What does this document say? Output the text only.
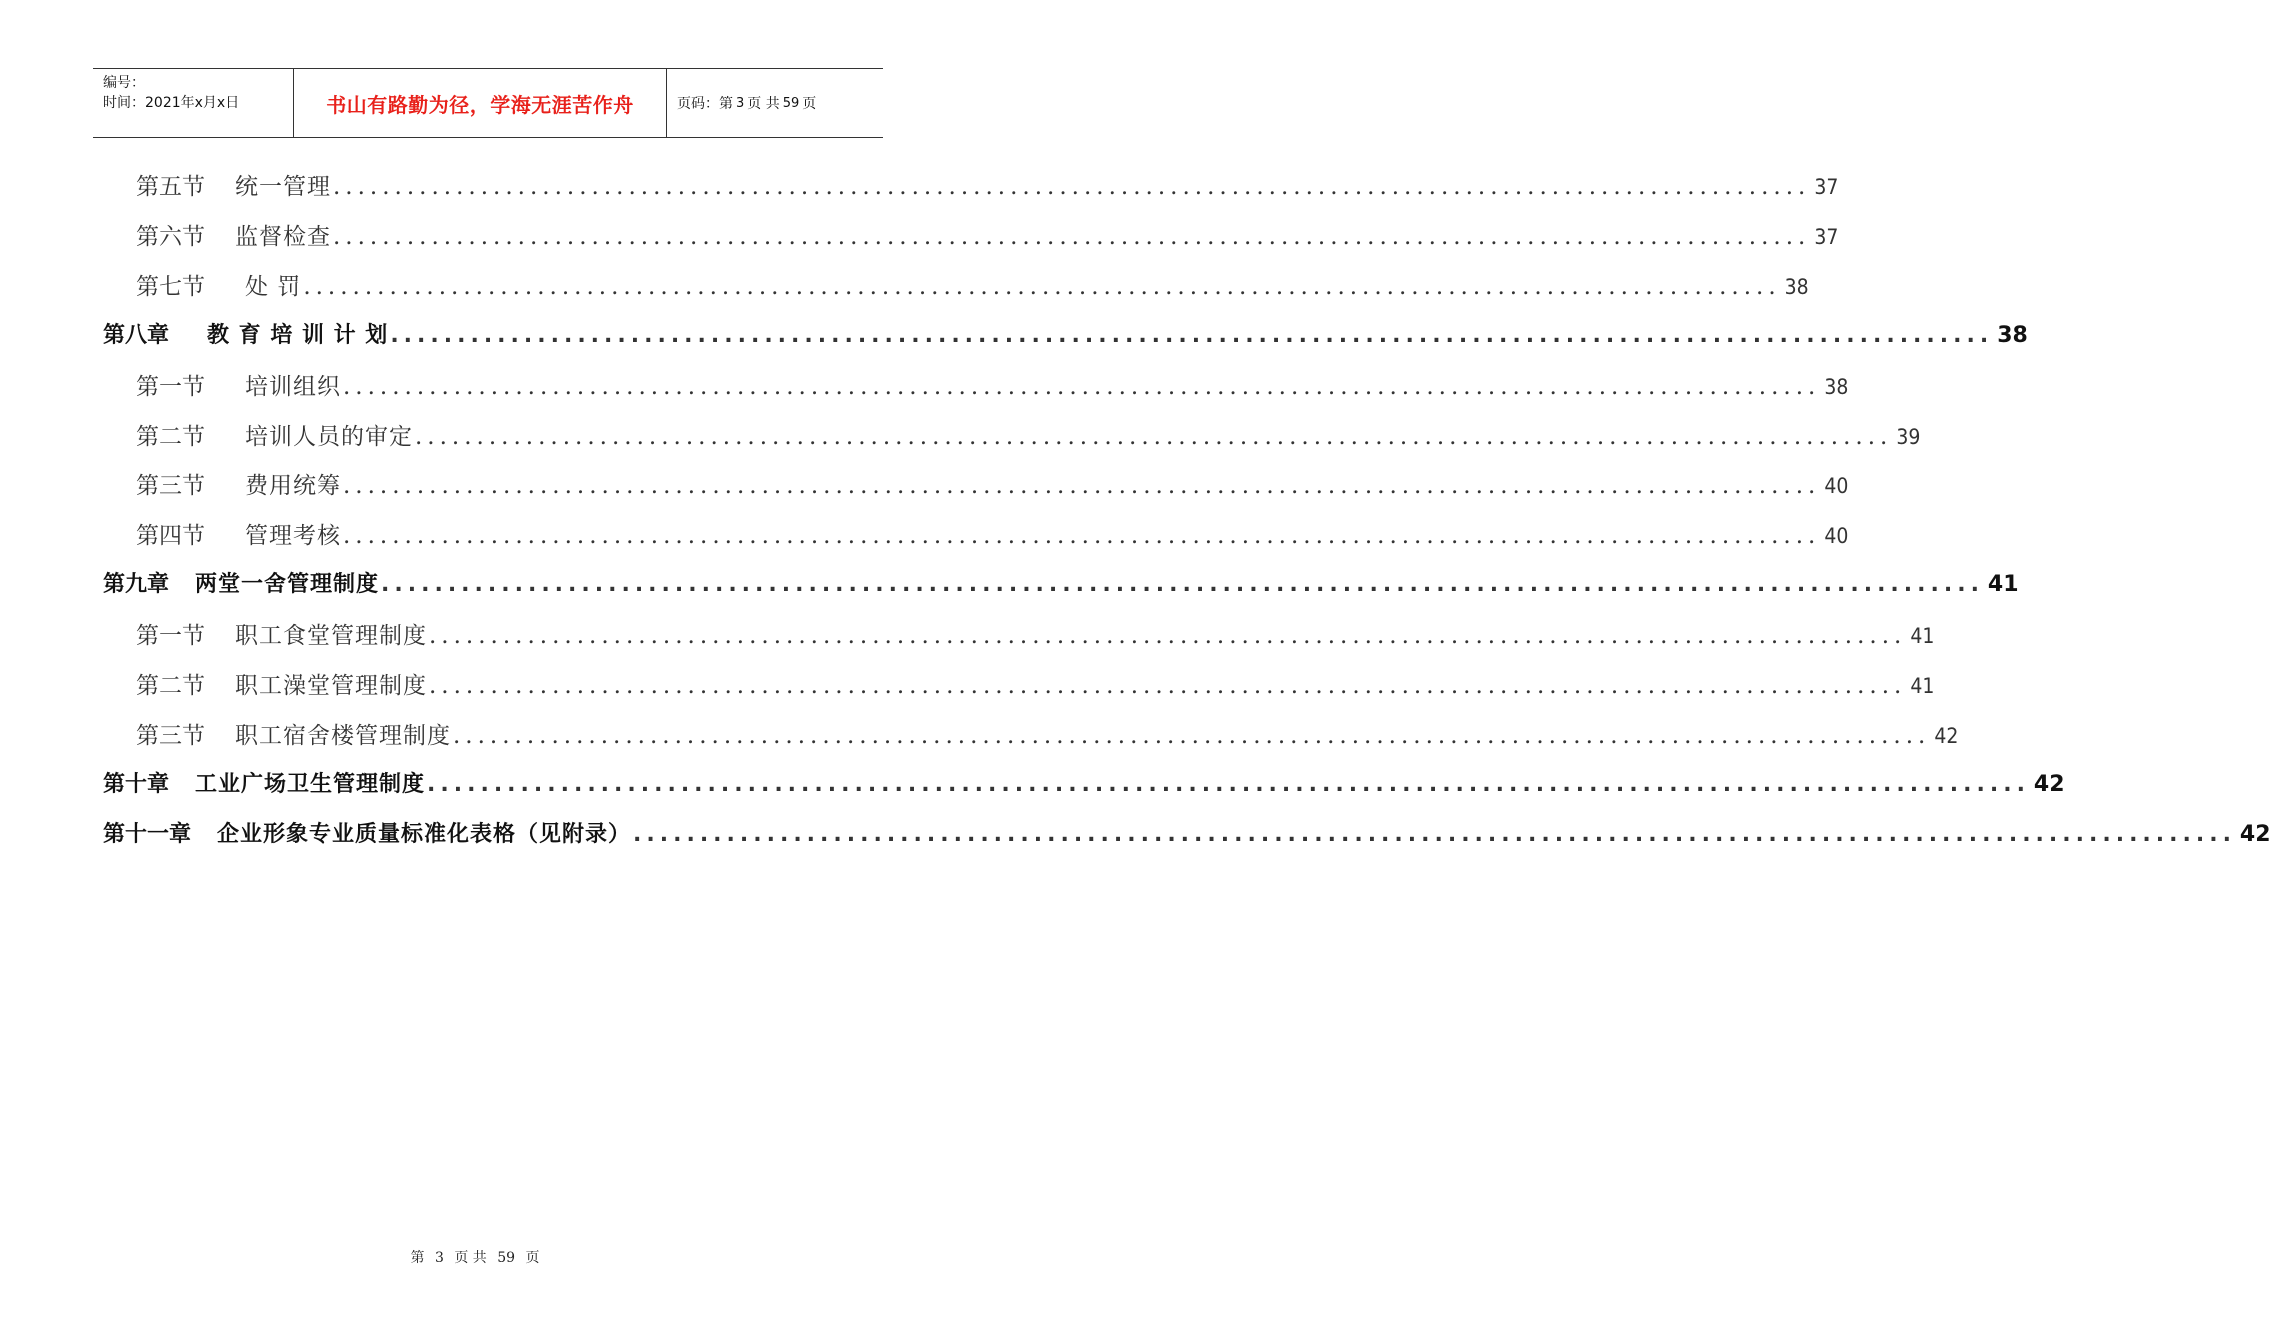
编号：
时间：2021年x月x日	书山有路勤为径，学海无涯苦作舟	页码：第 3 页 共 59 页
第五节 统一管理 ........................................................................................................................ 37
第六节 监督检查 ........................................................................................................................ 37
第七节 处 罚 ........................................................................................................................ 38
第八章 教 育 培 训 计 划 ........................................................................................................................ 38
第一节 培训组织 ........................................................................................................................ 38
第二节 培训人员的审定 ........................................................................................................................ 39
第三节 费用统筹 ........................................................................................................................ 40
第四节 管理考核 ........................................................................................................................ 40
第九章 两堂一舍管理制度 ........................................................................................................................ 41
第一节 职工食堂管理制度 ........................................................................................................................ 41
第二节 职工澡堂管理制度 ........................................................................................................................ 41
第三节 职工宿舍楼管理制度 ........................................................................................................................ 42
第十章 工业广场卫生管理制度 ........................................................................................................................ 42
第十一章 企业形象专业质量标准化表格（见附录） ........................................................................................................................ 42
第 3 页 共 59 页
